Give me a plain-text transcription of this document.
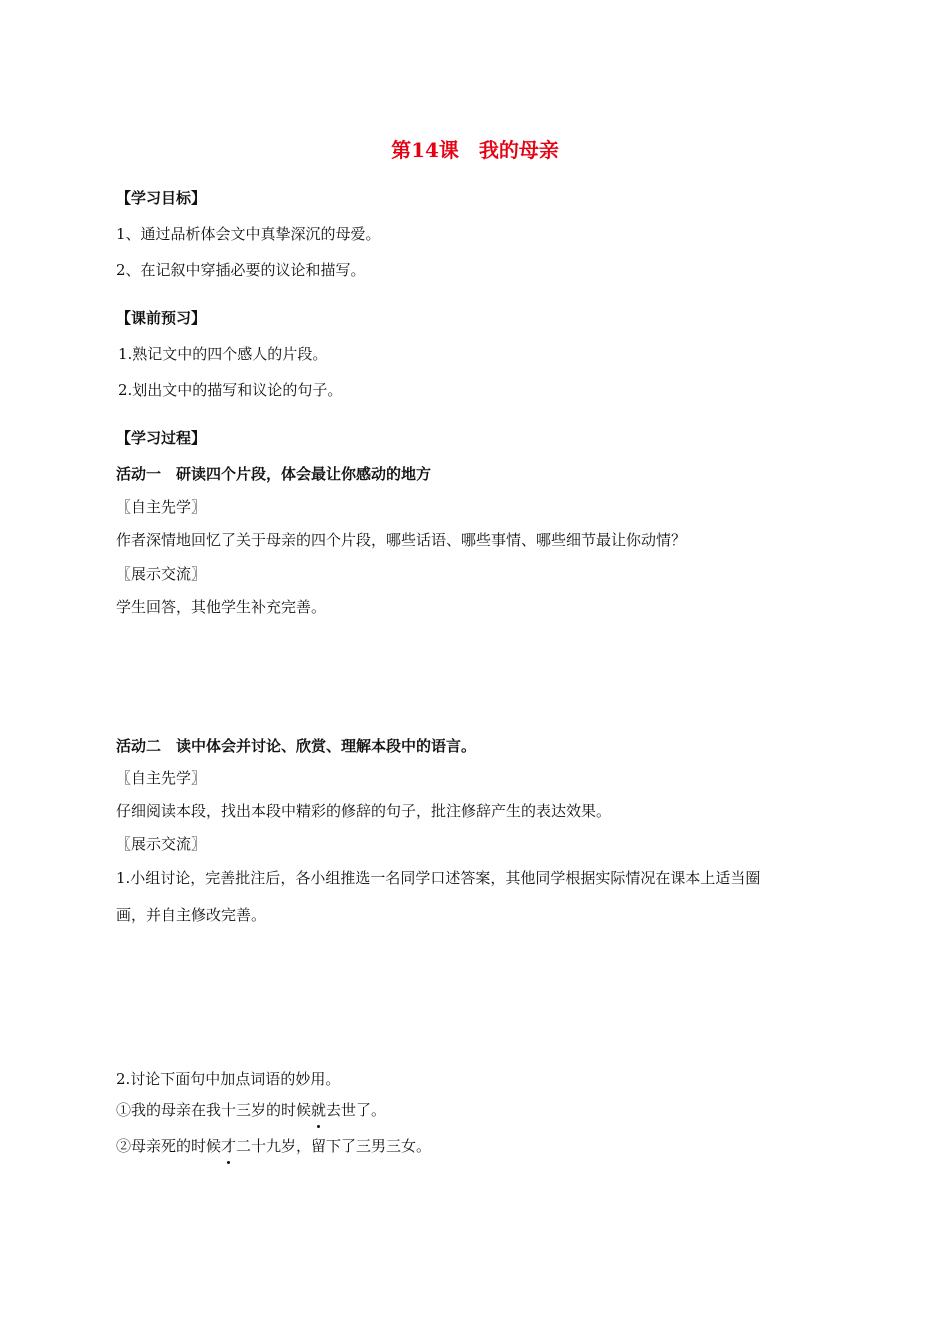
第14课　我的母亲
【学习目标】
1、通过品析体会文中真挚深沉的母爱。
2、在记叙中穿插必要的议论和描写。
【课前预习】
1.熟记文中的四个感人的片段。
2.划出文中的描写和议论的句子。
【学习过程】
活动一　研读四个片段，体会最让你感动的地方
〖自主先学〗
作者深情地回忆了关于母亲的四个片段，哪些话语、哪些事情、哪些细节最让你动情？
〖展示交流〗
学生回答，其他学生补充完善。
活动二　读中体会并讨论、欣赏、理解本段中的语言。
〖自主先学〗
仔细阅读本段，找出本段中精彩的修辞的句子，批注修辞产生的表达效果。
〖展示交流〗
1.小组讨论，完善批注后，各小组推选一名同学口述答案，其他同学根据实际情况在课本上适当圈
画，并自主修改完善。
2.讨论下面句中加点词语的妙用。
①我的母亲在我十三岁的时候就去世了。
②母亲死的时候才二十九岁，留下了三男三女。
